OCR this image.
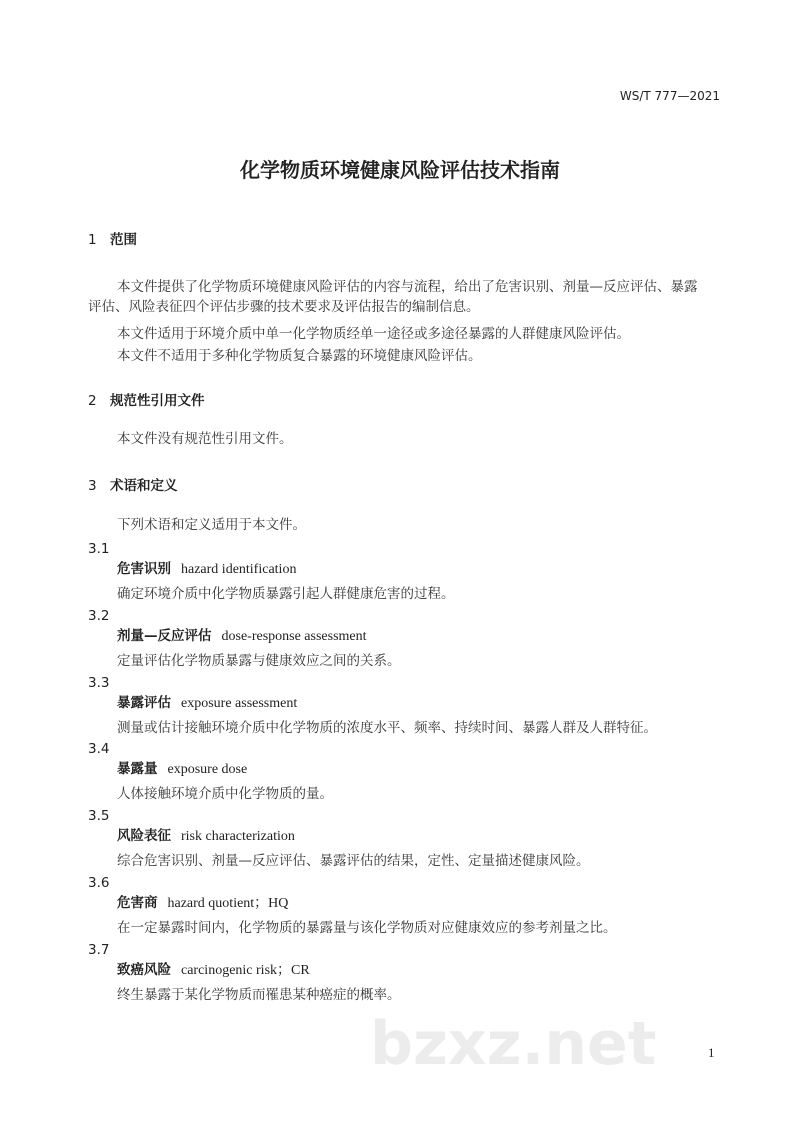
WS/T 777—2021
化学物质环境健康风险评估技术指南
1 范围
本文件提供了化学物质环境健康风险评估的内容与流程，给出了危害识别、剂量—反应评估、暴露
评估、风险表征四个评估步骤的技术要求及评估报告的编制信息。
本文件适用于环境介质中单一化学物质经单一途径或多途径暴露的人群健康风险评估。
本文件不适用于多种化学物质复合暴露的环境健康风险评估。
2 规范性引用文件
本文件没有规范性引用文件。
3 术语和定义
下列术语和定义适用于本文件。
3.1
危害识别 hazard identification
确定环境介质中化学物质暴露引起人群健康危害的过程。
3.2
剂量—反应评估 dose-response assessment
定量评估化学物质暴露与健康效应之间的关系。
3.3
暴露评估 exposure assessment
测量或估计接触环境介质中化学物质的浓度水平、频率、持续时间、暴露人群及人群特征。
3.4
暴露量 exposure dose
人体接触环境介质中化学物质的量。
3.5
风险表征 risk characterization
综合危害识别、剂量—反应评估、暴露评估的结果，定性、定量描述健康风险。
3.6
危害商 hazard quotient；HQ
在一定暴露时间内，化学物质的暴露量与该化学物质对应健康效应的参考剂量之比。
3.7
致癌风险 carcinogenic risk；CR
终生暴露于某化学物质而罹患某种癌症的概率。
bzxz.net	1
